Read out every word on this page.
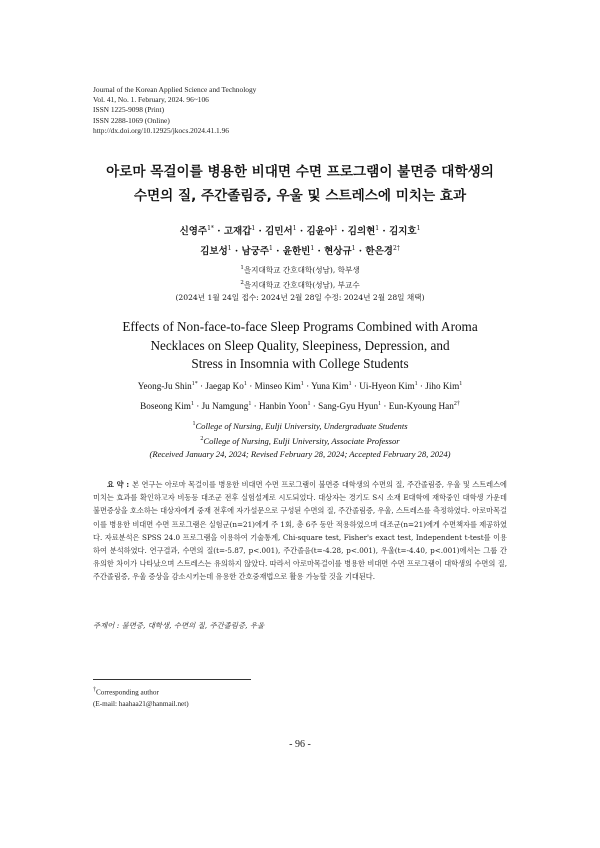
Journal of the Korean Applied Science and Technology
Vol. 41, No. 1. February, 2024. 96~106
ISSN 1225-9098 (Print)
ISSN 2288-1069 (Online)
http://dx.doi.org/10.12925/jkocs.2024.41.1.96
아로마 목걸이를 병용한 비대면 수면 프로그램이 불면증 대학생의
수면의 질, 주간졸림증, 우울 및 스트레스에 미치는 효과
신영주$^{1*}$ · 고재갑$^1$ · 김민서$^1$ · 김윤아$^1$ · 김의현$^1$ · 김지호$^1$
김보성$^1$ · 남궁주$^1$ · 윤한빈$^1$ · 현상규$^1$ · 한은경$^{2\dagger}$
$^1$을지대학교 간호대학(성남), 학부생
$^2$을지대학교 간호대학(성남), 부교수
(2024년 1월 24일 접수: 2024년 2월 28일 수정: 2024년 2월 28일 채택)
Effects of Non-face-to-face Sleep Programs Combined with Aroma
Necklaces on Sleep Quality, Sleepiness, Depression, and
Stress in Insomnia with College Students
Yeong-Ju Shin$^{1*}$ · Jaegap $Ko^1$ · Minseo Kim$^1$ · Yuna Kim$^1$ · Ui-Hyeon Kim$^1$ · Jiho Kim$^1$
Boseong Kim$^1$ · Ju Namgung$^1$ · Hanbin Yoon$^1$ · Sang-Gyu Hyun$^1$ · Eun-Kyoung Han$^{2\dagger}$
$^1$College of Nursing, Eulji University, Undergraduate Students
$^2$College of Nursing, Eulji University, Associate Professor
(Received January 24, 2024; Revised February 28, 2024; Accepted February 28, 2024)
요 약 : 본 연구는 아로마 목걸이를 병용한 비대면 수면 프로그램이 불면증 대학생의 수면의 질, 주간졸림증, 우울 및 스트레스에 미치는 효과를 확인하고자 비동등 대조군 전후 실험설계로 시도되었다. 대상자는 경기도 S시 소재 E대학에 재학중인 대학생 가운데 불면증상을 호소하는 대상자에게 중재 전후에 자가설문으로 구성된 수면의 질, 주간졸림증, 우울, 스트레스를 측정하였다. 아로마목걸이를 병용한 비대면 수면 프로그램은 실험군(n=21)에게 주 1회, 총 6주 동안 적용하였으며 대조군(n=21)에게 수면책자를 제공하였다. 자료분석은 SPSS 24.0 프로그램을 이용하여 기술통계, Chi-square test, Fisher's exact test, Independent t-test를 이용하여 분석하였다. 연구결과, 수면의 질(t=-5.87, p<.001), 주간졸음(t=-4.28, p<.001), 우울(t=-4.40, p<.001)에서는 그룹 간 유의한 차이가 나타났으며 스트레스는 유의하지 않았다. 따라서 아로마목걸이를 병용한 비대면 수면 프로그램이 대학생의 수면의 질, 주간졸림증, 우울 증상을 감소시키는데 유용한 간호중재법으로 활용 가능할 것을 기대된다.
주제어 : 불면증, 대학생, 수면의 질, 주간졸림증, 우울
†Corresponding author
(E-mail: haahaa21@hanmail.net)
- 96 -
